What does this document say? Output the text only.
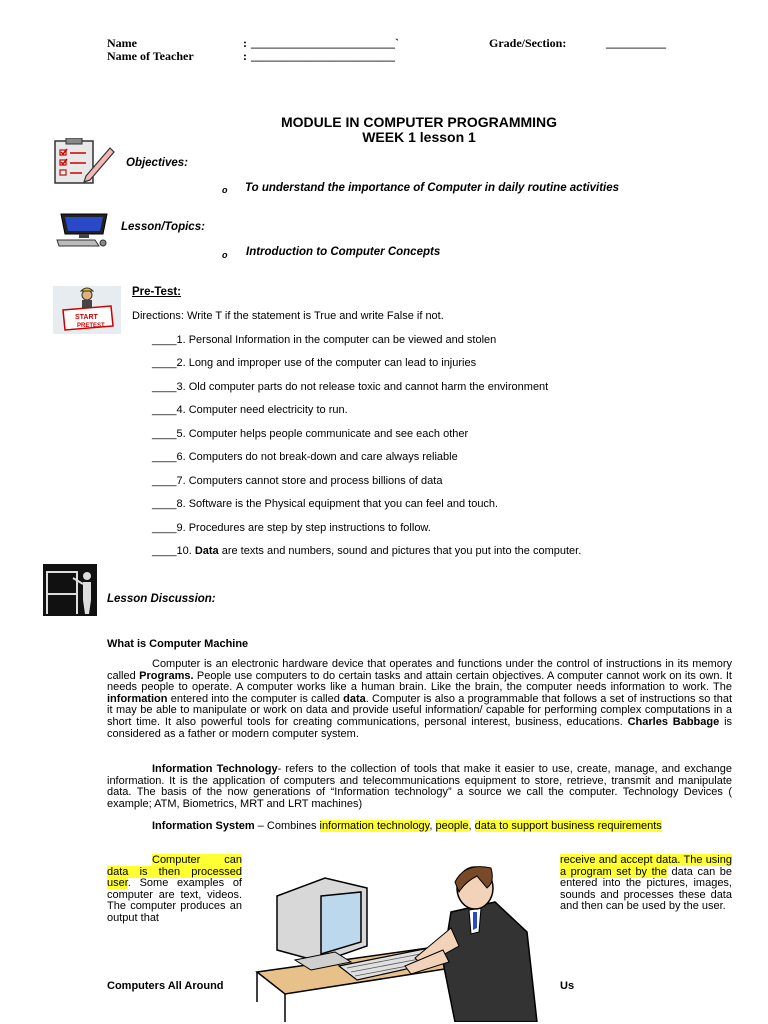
Name	: ________________________`	Grade/Section:	__________
Name of Teacher	: ________________________
MODULE IN COMPUTER PROGRAMMING
WEEK 1 lesson 1
Objectives:
o To understand the importance of Computer in daily routine activities
Lesson/Topics:
o Introduction to Computer Concepts
START
PRETEST
Pre-Test:
Directions: Write T if the statement is True and write False if not.
____1. Personal Information in the computer can be viewed and stolen
____2. Long and improper use of the computer can lead to injuries
____3. Old computer parts do not release toxic and cannot harm the environment
____4. Computer need electricity to run.
____5. Computer helps people communicate and see each other
____6. Computers do not break-down and care always reliable
____7. Computers cannot store and process billions of data
____8. Software is the Physical equipment that you can feel and touch.
____9. Procedures are step by step instructions to follow.
____10. Data are texts and numbers, sound and pictures that you put into the computer.
Lesson Discussion:
What is Computer Machine
Computer is an electronic hardware device that operates and functions under the control of instructions in its memory called Programs. People use computers to do certain tasks and attain certain objectives. A computer cannot work on its own. It needs people to operate. A computer works like a human brain. Like the brain, the computer needs information to work. The information entered into the computer is called data. Computer is also a programmable that follows a set of instructions so that it may be able to manipulate or work on data and provide useful information/ capable for performing complex computations in a short time. It also powerful tools for creating communications, personal interest, business, educations. Charles Babbage is considered as a father or modern computer system.
Information Technology- refers to the collection of tools that make it easier to use, create, manage, and exchange information. It is the application of computers and telecommunications equipment to store, retrieve, transmit and manipulate data. The basis of the now generations of “Information technology” a source we call the computer. Technology Devices ( example; ATM, Biometrics, MRT and LRT machines)
Information System – Combines information technology, people, data to support business requirements
Computer can data is then processed user. Some examples of computer are text, videos. The computer produces an output that
receive and accept data. The using a program set by the data can be entered into the pictures, images, sounds and processes these data and then can be used by the user.
Computers All Around	Us
